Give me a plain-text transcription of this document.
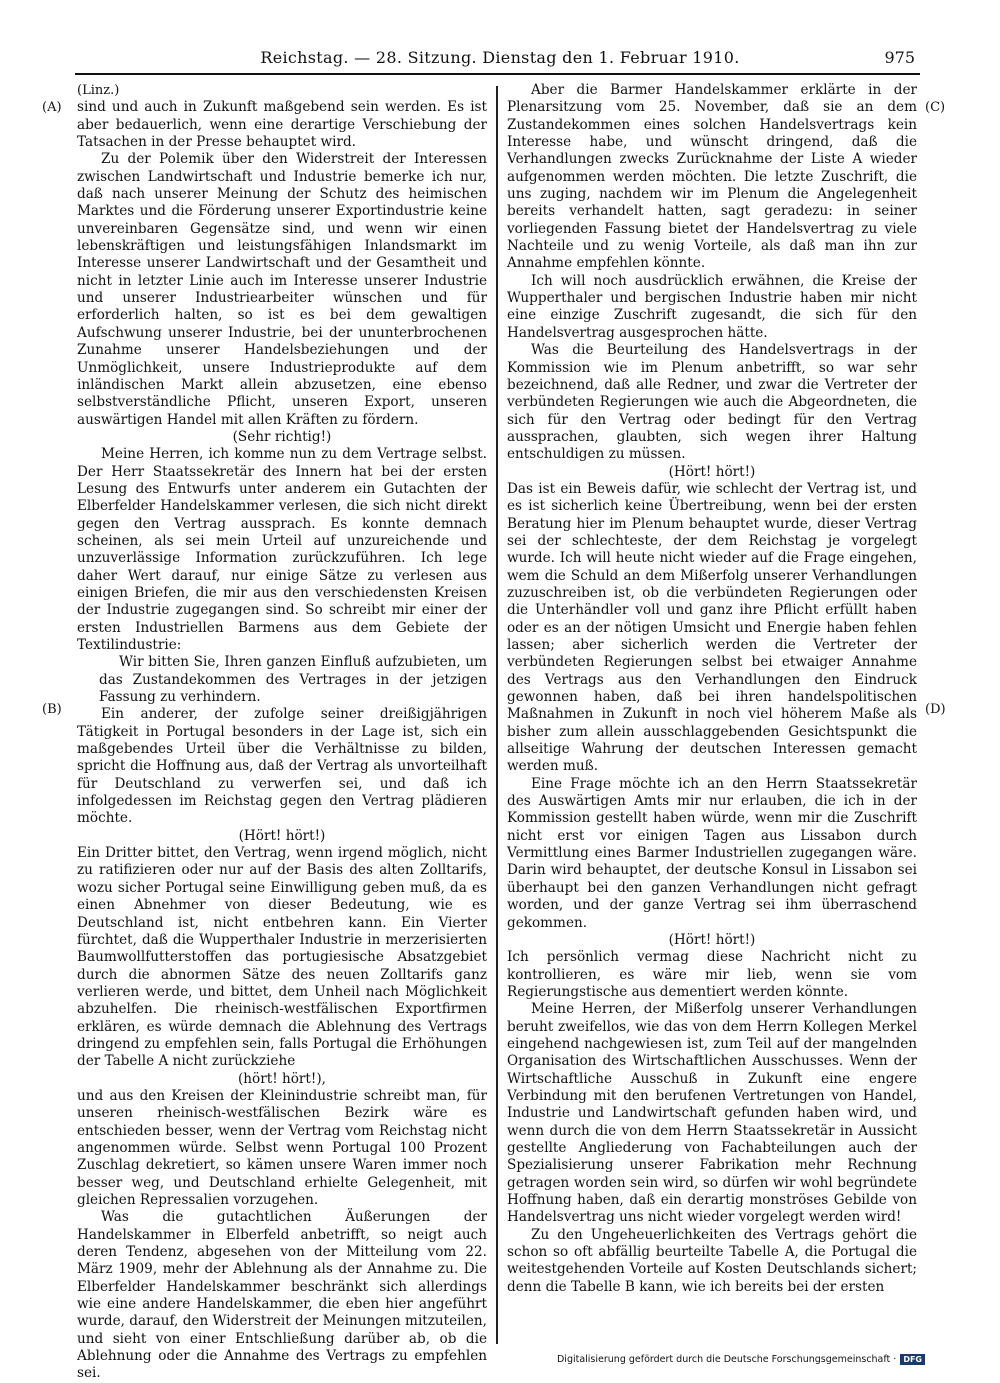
Reichstag. — 28. Sitzung. Dienstag den 1. Februar 1910.	975
(A)
(B)
(C)
(D)

(Linz.)

sind und auch in Zukunft maßgebend sein werden. Es ist aber bedauerlich, wenn eine derartige Verschiebung der Tatsachen in der Presse behauptet wird.

Zu der Polemik über den Widerstreit der Interessen zwischen Landwirtschaft und Industrie bemerke ich nur, daß nach unserer Meinung der Schutz des heimischen Marktes und die Förderung unserer Exportindustrie keine unvereinbaren Gegensätze sind, und wenn wir einen lebenskräftigen und leistungsfähigen Inlandsmarkt im Interesse unserer Landwirtschaft und der Gesamtheit und nicht in letzter Linie auch im Interesse unserer Industrie und unserer Industriearbeiter wünschen und für erforderlich halten, so ist es bei dem gewaltigen Aufschwung unserer Industrie, bei der ununterbrochenen Zunahme unserer Handelsbeziehungen und der Unmöglichkeit, unsere Industrieprodukte auf dem inländischen Markt allein abzusetzen, eine ebenso selbstverständliche Pflicht, unseren Export, unseren auswärtigen Handel mit allen Kräften zu fördern.

(Sehr richtig!)

Meine Herren, ich komme nun zu dem Vertrage selbst. Der Herr Staatssekretär des Innern hat bei der ersten Lesung des Entwurfs unter anderem ein Gutachten der Elberfelder Handelskammer verlesen, die sich nicht direkt gegen den Vertrag aussprach. Es konnte demnach scheinen, als sei mein Urteil auf unzureichende und unzuverlässige Information zurückzuführen. Ich lege daher Wert darauf, nur einige Sätze zu verlesen aus einigen Briefen, die mir aus den verschiedensten Kreisen der Industrie zugegangen sind. So schreibt mir einer der ersten Industriellen Barmens aus dem Gebiete der Textilindustrie:

Wir bitten Sie, Ihren ganzen Einfluß aufzubieten, um das Zustandekommen des Vertrages in der jetzigen Fassung zu verhindern.

Ein anderer, der zufolge seiner dreißigjährigen Tätigkeit in Portugal besonders in der Lage ist, sich ein maßgebendes Urteil über die Verhältnisse zu bilden, spricht die Hoffnung aus, daß der Vertrag als unvorteilhaft für Deutschland zu verwerfen sei, und daß ich infolgedessen im Reichstag gegen den Vertrag plädieren möchte.

(Hört! hört!)

Ein Dritter bittet, den Vertrag, wenn irgend möglich, nicht zu ratifizieren oder nur auf der Basis des alten Zolltarifs, wozu sicher Portugal seine Einwilligung geben muß, da es einen Abnehmer von dieser Bedeutung, wie es Deutschland ist, nicht entbehren kann. Ein Vierter fürchtet, daß die Wupperthaler Industrie in merzerisierten Baumwollfutterstoffen das portugiesische Absatzgebiet durch die abnormen Sätze des neuen Zolltarifs ganz verlieren werde, und bittet, dem Unheil nach Möglichkeit abzuhelfen. Die rheinisch-westfälischen Exportfirmen erklären, es würde demnach die Ablehnung des Vertrags dringend zu empfehlen sein, falls Portugal die Erhöhungen der Tabelle A nicht zurückziehe

(hört! hört!),

und aus den Kreisen der Kleinindustrie schreibt man, für unseren rheinisch-westfälischen Bezirk wäre es entschieden besser, wenn der Vertrag vom Reichstag nicht angenommen würde. Selbst wenn Portugal 100 Prozent Zuschlag dekretiert, so kämen unsere Waren immer noch besser weg, und Deutschland erhielte Gelegenheit, mit gleichen Repressalien vorzugehen.

Was die gutachtlichen Äußerungen der Handelskammer in Elberfeld anbetrifft, so neigt auch deren Tendenz, abgesehen von der Mitteilung vom 22. März 1909, mehr der Ablehnung als der Annahme zu. Die Elberfelder Handelskammer beschränkt sich allerdings wie eine andere Handelskammer, die eben hier angeführt wurde, darauf, den Widerstreit der Meinungen mitzuteilen, und sieht von einer Entschließung darüber ab, ob die Ablehnung oder die Annahme des Vertrags zu empfehlen sei.

Aber die Barmer Handelskammer erklärte in der Plenarsitzung vom 25. November, daß sie an dem Zustandekommen eines solchen Handelsvertrags kein Interesse habe, und wünscht dringend, daß die Verhandlungen zwecks Zurücknahme der Liste A wieder aufgenommen werden möchten. Die letzte Zuschrift, die uns zuging, nachdem wir im Plenum die Angelegenheit bereits verhandelt hatten, sagt geradezu: in seiner vorliegenden Fassung bietet der Handelsvertrag zu viele Nachteile und zu wenig Vorteile, als daß man ihn zur Annahme empfehlen könnte.

Ich will noch ausdrücklich erwähnen, die Kreise der Wupperthaler und bergischen Industrie haben mir nicht eine einzige Zuschrift zugesandt, die sich für den Handelsvertrag ausgesprochen hätte.

Was die Beurteilung des Handelsvertrags in der Kommission wie im Plenum anbetrifft, so war sehr bezeichnend, daß alle Redner, und zwar die Vertreter der verbündeten Regierungen wie auch die Abgeordneten, die sich für den Vertrag oder bedingt für den Vertrag aussprachen, glaubten, sich wegen ihrer Haltung entschuldigen zu müssen.

(Hört! hört!)

Das ist ein Beweis dafür, wie schlecht der Vertrag ist, und es ist sicherlich keine Übertreibung, wenn bei der ersten Beratung hier im Plenum behauptet wurde, dieser Vertrag sei der schlechteste, der dem Reichstag je vorgelegt wurde. Ich will heute nicht wieder auf die Frage eingehen, wem die Schuld an dem Mißerfolg unserer Verhandlungen zuzuschreiben ist, ob die verbündeten Regierungen oder die Unterhändler voll und ganz ihre Pflicht erfüllt haben oder es an der nötigen Umsicht und Energie haben fehlen lassen; aber sicherlich werden die Vertreter der verbündeten Regierungen selbst bei etwaiger Annahme des Vertrags aus den Verhandlungen den Eindruck gewonnen haben, daß bei ihren handelspolitischen Maßnahmen in Zukunft in noch viel höherem Maße als bisher zum allein ausschlaggebenden Gesichtspunkt die allseitige Wahrung der deutschen Interessen gemacht werden muß.

Eine Frage möchte ich an den Herrn Staatssekretär des Auswärtigen Amts mir nur erlauben, die ich in der Kommission gestellt haben würde, wenn mir die Zuschrift nicht erst vor einigen Tagen aus Lissabon durch Vermittlung eines Barmer Industriellen zugegangen wäre. Darin wird behauptet, der deutsche Konsul in Lissabon sei überhaupt bei den ganzen Verhandlungen nicht gefragt worden, und der ganze Vertrag sei ihm überraschend gekommen.

(Hört! hört!)

Ich persönlich vermag diese Nachricht nicht zu kontrollieren, es wäre mir lieb, wenn sie vom Regierungstische aus dementiert werden könnte.

Meine Herren, der Mißerfolg unserer Verhandlungen beruht zweifellos, wie das von dem Herrn Kollegen Merkel eingehend nachgewiesen ist, zum Teil auf der mangelnden Organisation des Wirtschaftlichen Ausschusses. Wenn der Wirtschaftliche Ausschuß in Zukunft eine engere Verbindung mit den berufenen Vertretungen von Handel, Industrie und Landwirtschaft gefunden haben wird, und wenn durch die von dem Herrn Staatssekretär in Aussicht gestellte Angliederung von Fachabteilungen auch der Spezialisierung unserer Fabrikation mehr Rechnung getragen worden sein wird, so dürfen wir wohl begründete Hoffnung haben, daß ein derartig monströses Gebilde von Handelsvertrag uns nicht wieder vorgelegt werden wird!

Zu den Ungeheuerlichkeiten des Vertrags gehört die schon so oft abfällig beurteilte Tabelle A, die Portugal die weitestgehenden Vorteile auf Kosten Deutschlands sichert; denn die Tabelle B kann, wie ich bereits bei der ersten

Digitalisierung gefördert durch die Deutsche Forschungsgemeinschaft · DFG
